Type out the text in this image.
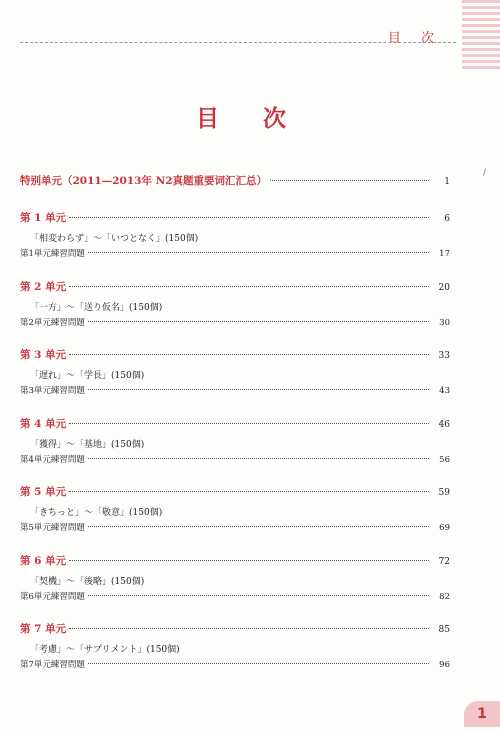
目 次
/
目 次
特别单元（2011—2013年 N2真题重要词汇汇总）	1
第 1 单元	6
「相変わらず」～「いつとなく」(150個)
第1単元練習問題	17
第 2 单元	20
「一方」～「送り仮名」(150個)
第2単元練習問題	30
第 3 单元	33
「遅れ」～「学長」(150個)
第3単元練習問題	43
第 4 单元	46
「獲得」～「基地」(150個)
第4単元練習問題	56
第 5 单元	59
「きちっと」～「敬意」(150個)
第5単元練習問題	69
第 6 单元	72
「契機」～「後略」(150個)
第6単元練習問題	82
第 7 单元	85
「考慮」～「サプリメント」(150個)
第7単元練習問題	96
1
